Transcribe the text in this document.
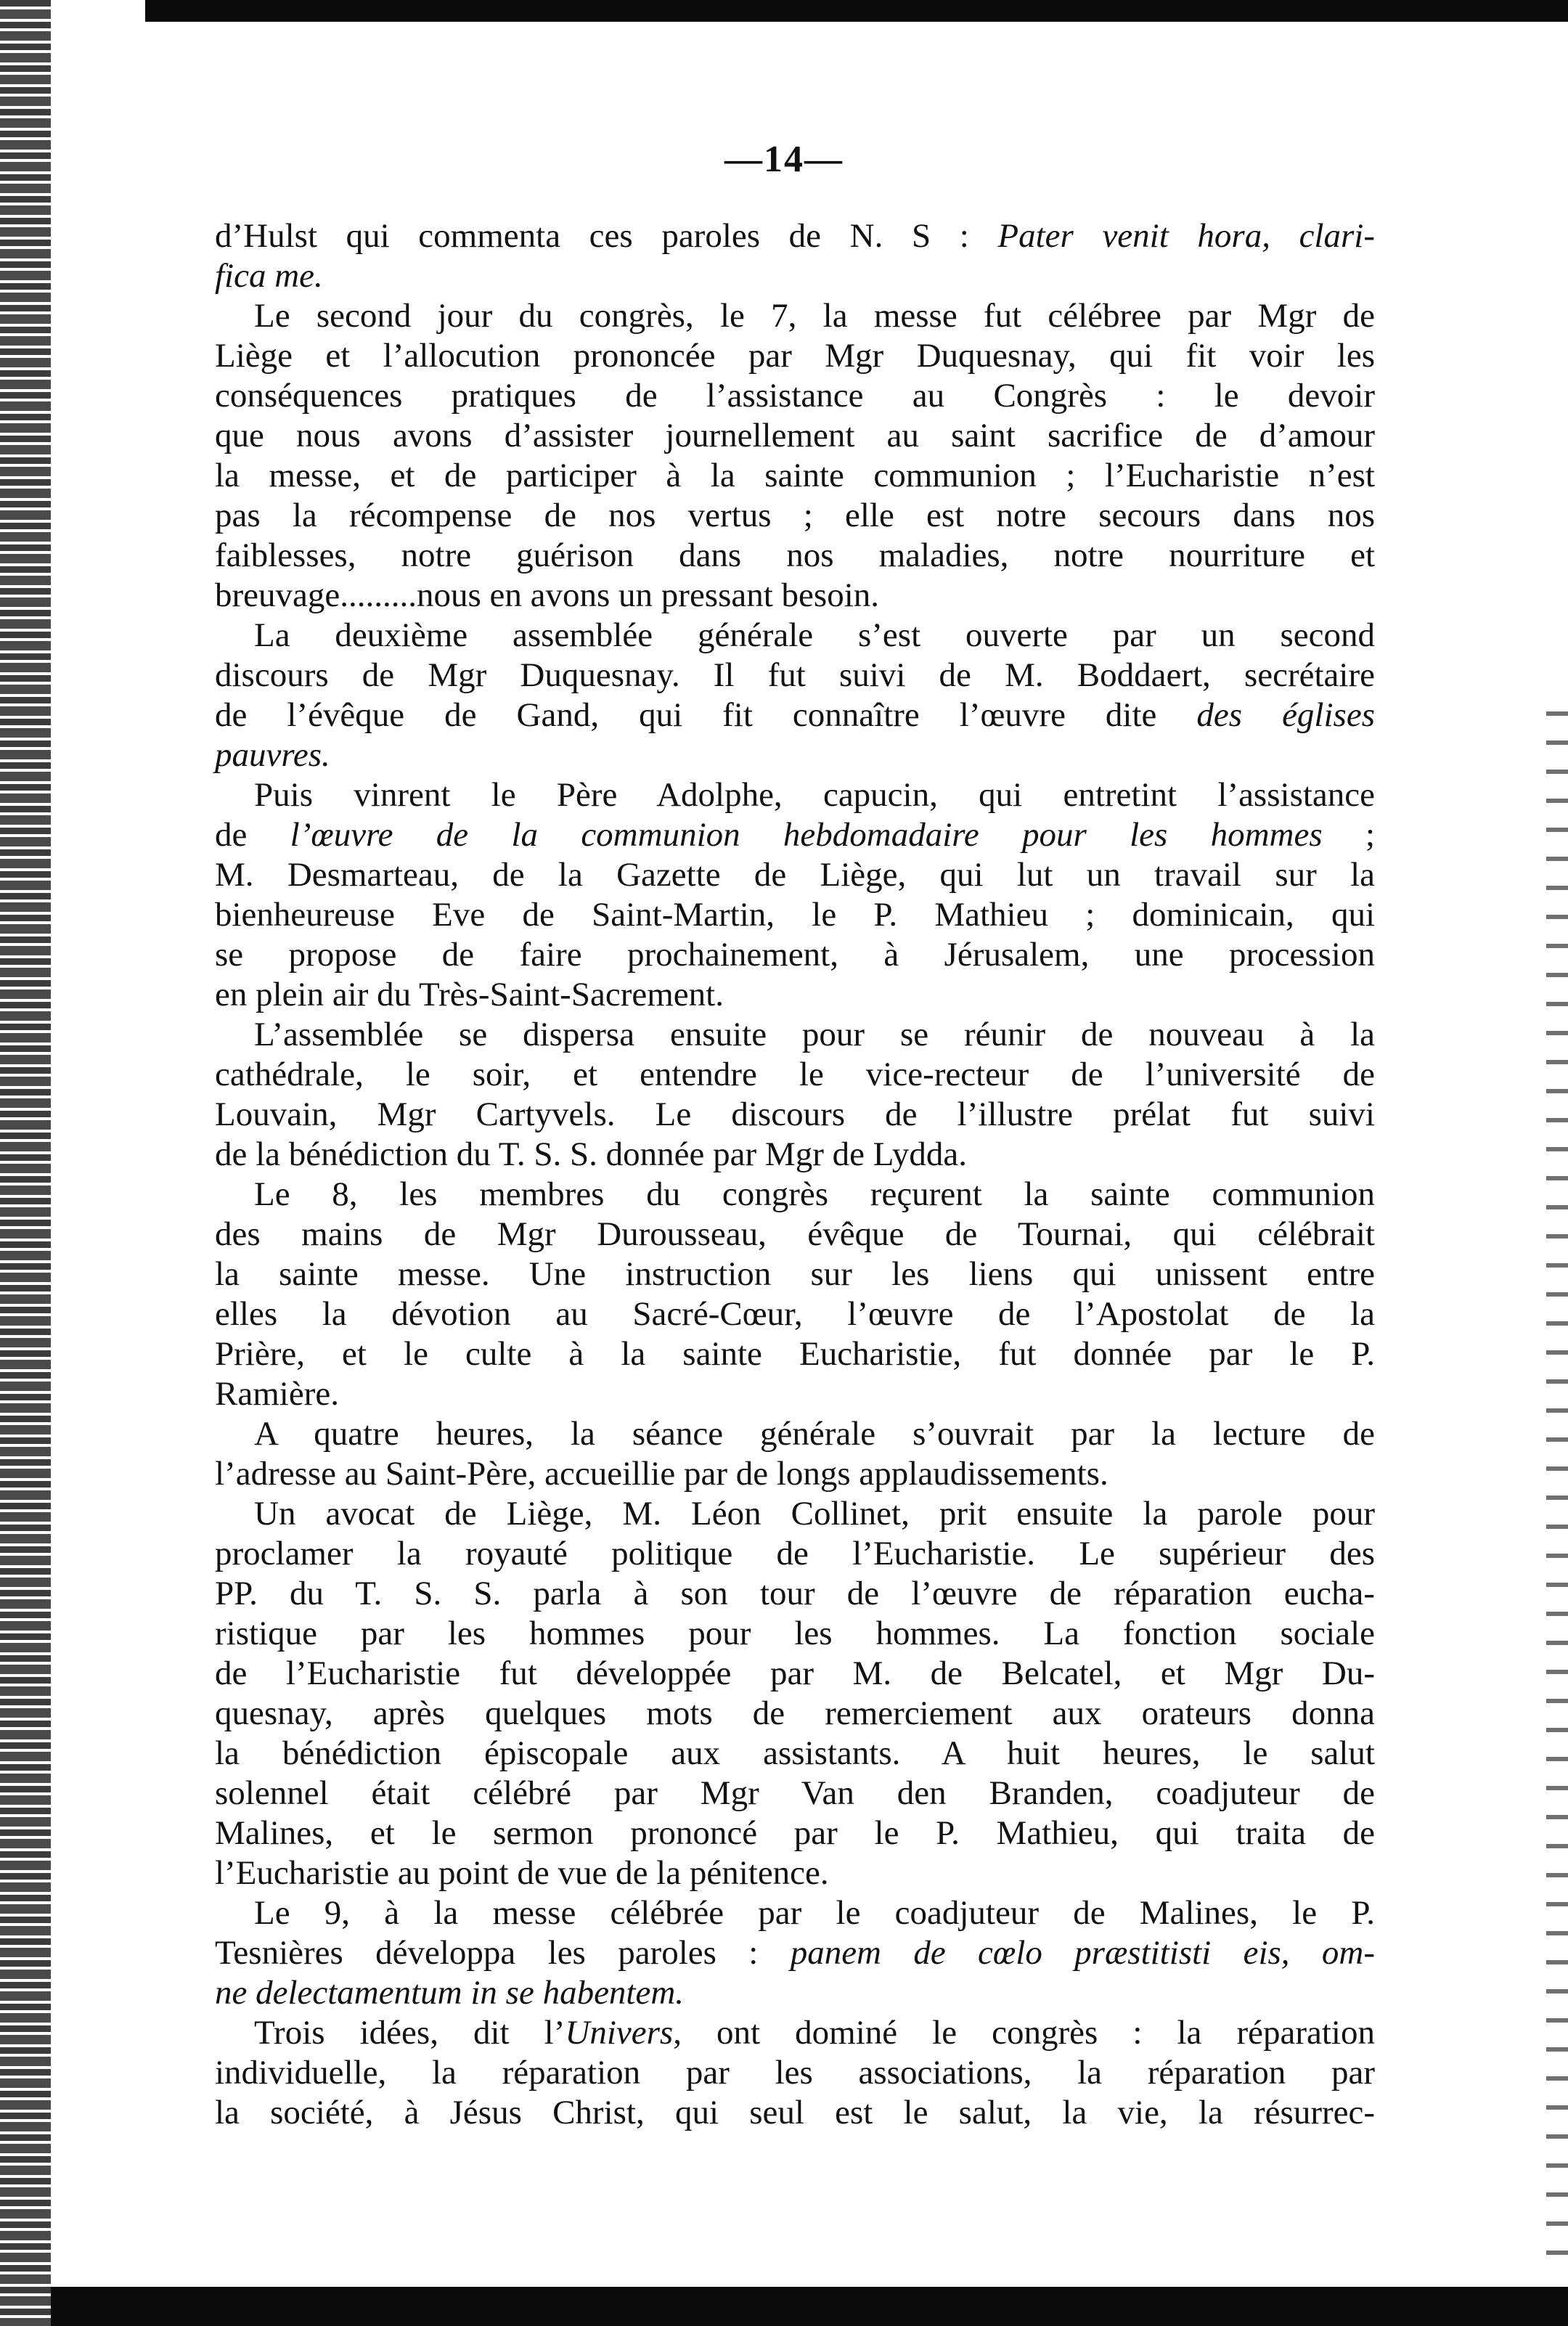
—14—
d’Hulst qui commenta ces paroles de N. S : Pater venit hora, clari-
fica me.
Le second jour du congrès, le 7, la messe fut célébree par Mgr de
Liège et l’allocution prononcée par Mgr Duquesnay, qui fit voir les
conséquences pratiques de l’assistance au Congrès : le devoir
que nous avons d’assister journellement au saint sacrifice de d’amour
la messe, et de participer à la sainte communion ; l’Eucharistie n’est
pas la récompense de nos vertus ; elle est notre secours dans nos
faiblesses, notre guérison dans nos maladies, notre nourriture et
breuvage.........nous en avons un pressant besoin.
La deuxième assemblée générale s’est ouverte par un second
discours de Mgr Duquesnay. Il fut suivi de M. Boddaert, secrétaire
de l’évêque de Gand, qui fit connaître l’œuvre dite des églises
pauvres.
Puis vinrent le Père Adolphe, capucin, qui entretint l’assistance
de l’œuvre de la communion hebdomadaire pour les hommes ;
M. Desmarteau, de la Gazette de Liège, qui lut un travail sur la
bienheureuse Eve de Saint-Martin, le P. Mathieu ; dominicain, qui
se propose de faire prochainement, à Jérusalem, une procession
en plein air du Très-Saint-Sacrement.
L’assemblée se dispersa ensuite pour se réunir de nouveau à la
cathédrale, le soir, et entendre le vice-recteur de l’université de
Louvain, Mgr Cartyvels. Le discours de l’illustre prélat fut suivi
de la bénédiction du T. S. S. donnée par Mgr de Lydda.
Le 8, les membres du congrès reçurent la sainte communion
des mains de Mgr Durousseau, évêque de Tournai, qui célébrait
la sainte messe. Une instruction sur les liens qui unissent entre
elles la dévotion au Sacré-Cœur, l’œuvre de l’Apostolat de la
Prière, et le culte à la sainte Eucharistie, fut donnée par le P.
Ramière.
A quatre heures, la séance générale s’ouvrait par la lecture de
l’adresse au Saint-Père, accueillie par de longs applaudissements.
Un avocat de Liège, M. Léon Collinet, prit ensuite la parole pour
proclamer la royauté politique de l’Eucharistie. Le supérieur des
PP. du T. S. S. parla à son tour de l’œuvre de réparation eucha-
ristique par les hommes pour les hommes. La fonction sociale
de l’Eucharistie fut développée par M. de Belcatel, et Mgr Du-
quesnay, après quelques mots de remerciement aux orateurs donna
la bénédiction épiscopale aux assistants. A huit heures, le salut
solennel était célébré par Mgr Van den Branden, coadjuteur de
Malines, et le sermon prononcé par le P. Mathieu, qui traita de
l’Eucharistie au point de vue de la pénitence.
Le 9, à la messe célébrée par le coadjuteur de Malines, le P.
Tesnières développa les paroles : panem de cœlo præstitisti eis, om-
ne delectamentum in se habentem.
Trois idées, dit l’Univers, ont dominé le congrès : la réparation
individuelle, la réparation par les associations, la réparation par
la société, à Jésus Christ, qui seul est le salut, la vie, la résurrec-
